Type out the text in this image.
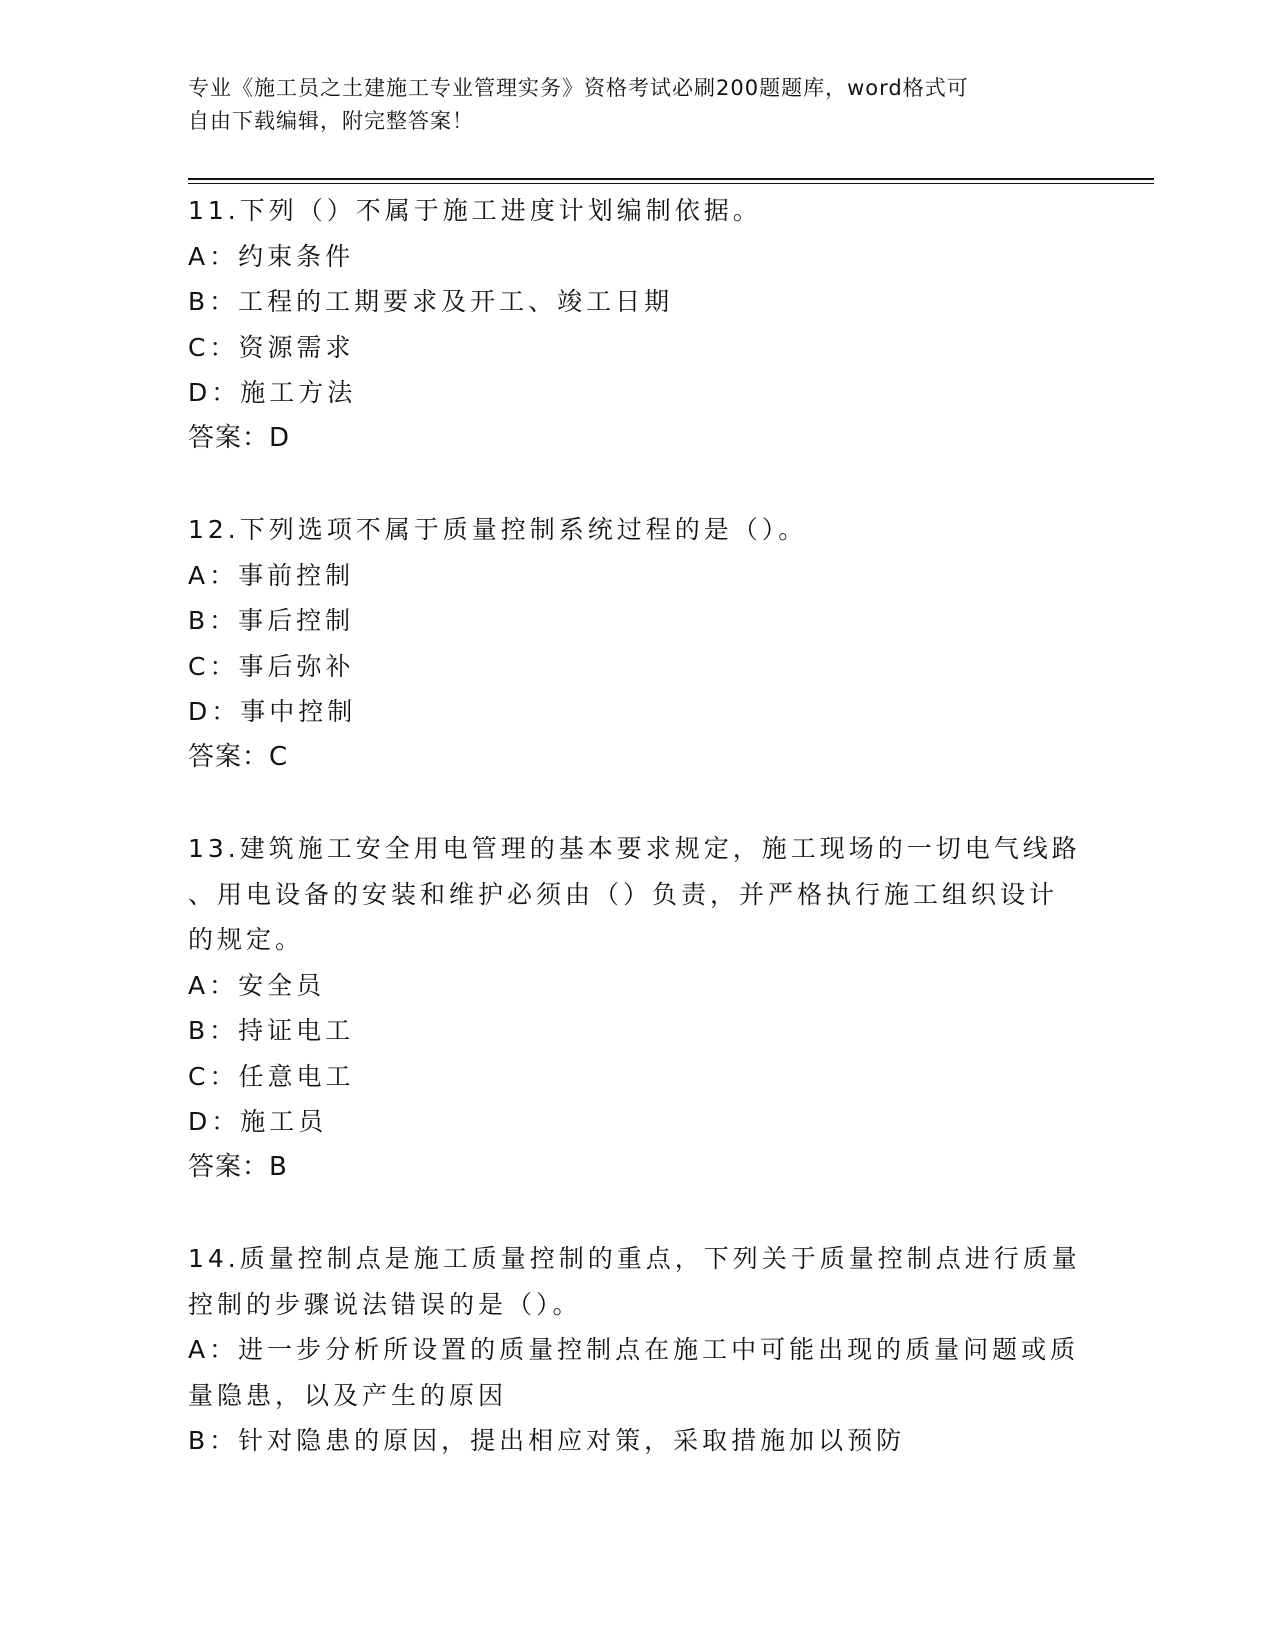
专业《施工员之土建施工专业管理实务》资格考试必刷200题题库，word格式可
自由下载编辑，附完整答案！
11.下列（）不属于施工进度计划编制依据。
A：约束条件
B：工程的工期要求及开工、竣工日期
C：资源需求
D：施工方法
答案：D
12.下列选项不属于质量控制系统过程的是（）。
A：事前控制
B：事后控制
C：事后弥补
D：事中控制
答案：C
13.建筑施工安全用电管理的基本要求规定，施工现场的一切电气线路
、用电设备的安装和维护必须由（）负责，并严格执行施工组织设计
的规定。
A：安全员
B：持证电工
C：任意电工
D：施工员
答案：B
14.质量控制点是施工质量控制的重点，下列关于质量控制点进行质量
控制的步骤说法错误的是（）。
A：进一步分析所设置的质量控制点在施工中可能出现的质量问题或质
量隐患，以及产生的原因
B：针对隐患的原因，提出相应对策，采取措施加以预防
